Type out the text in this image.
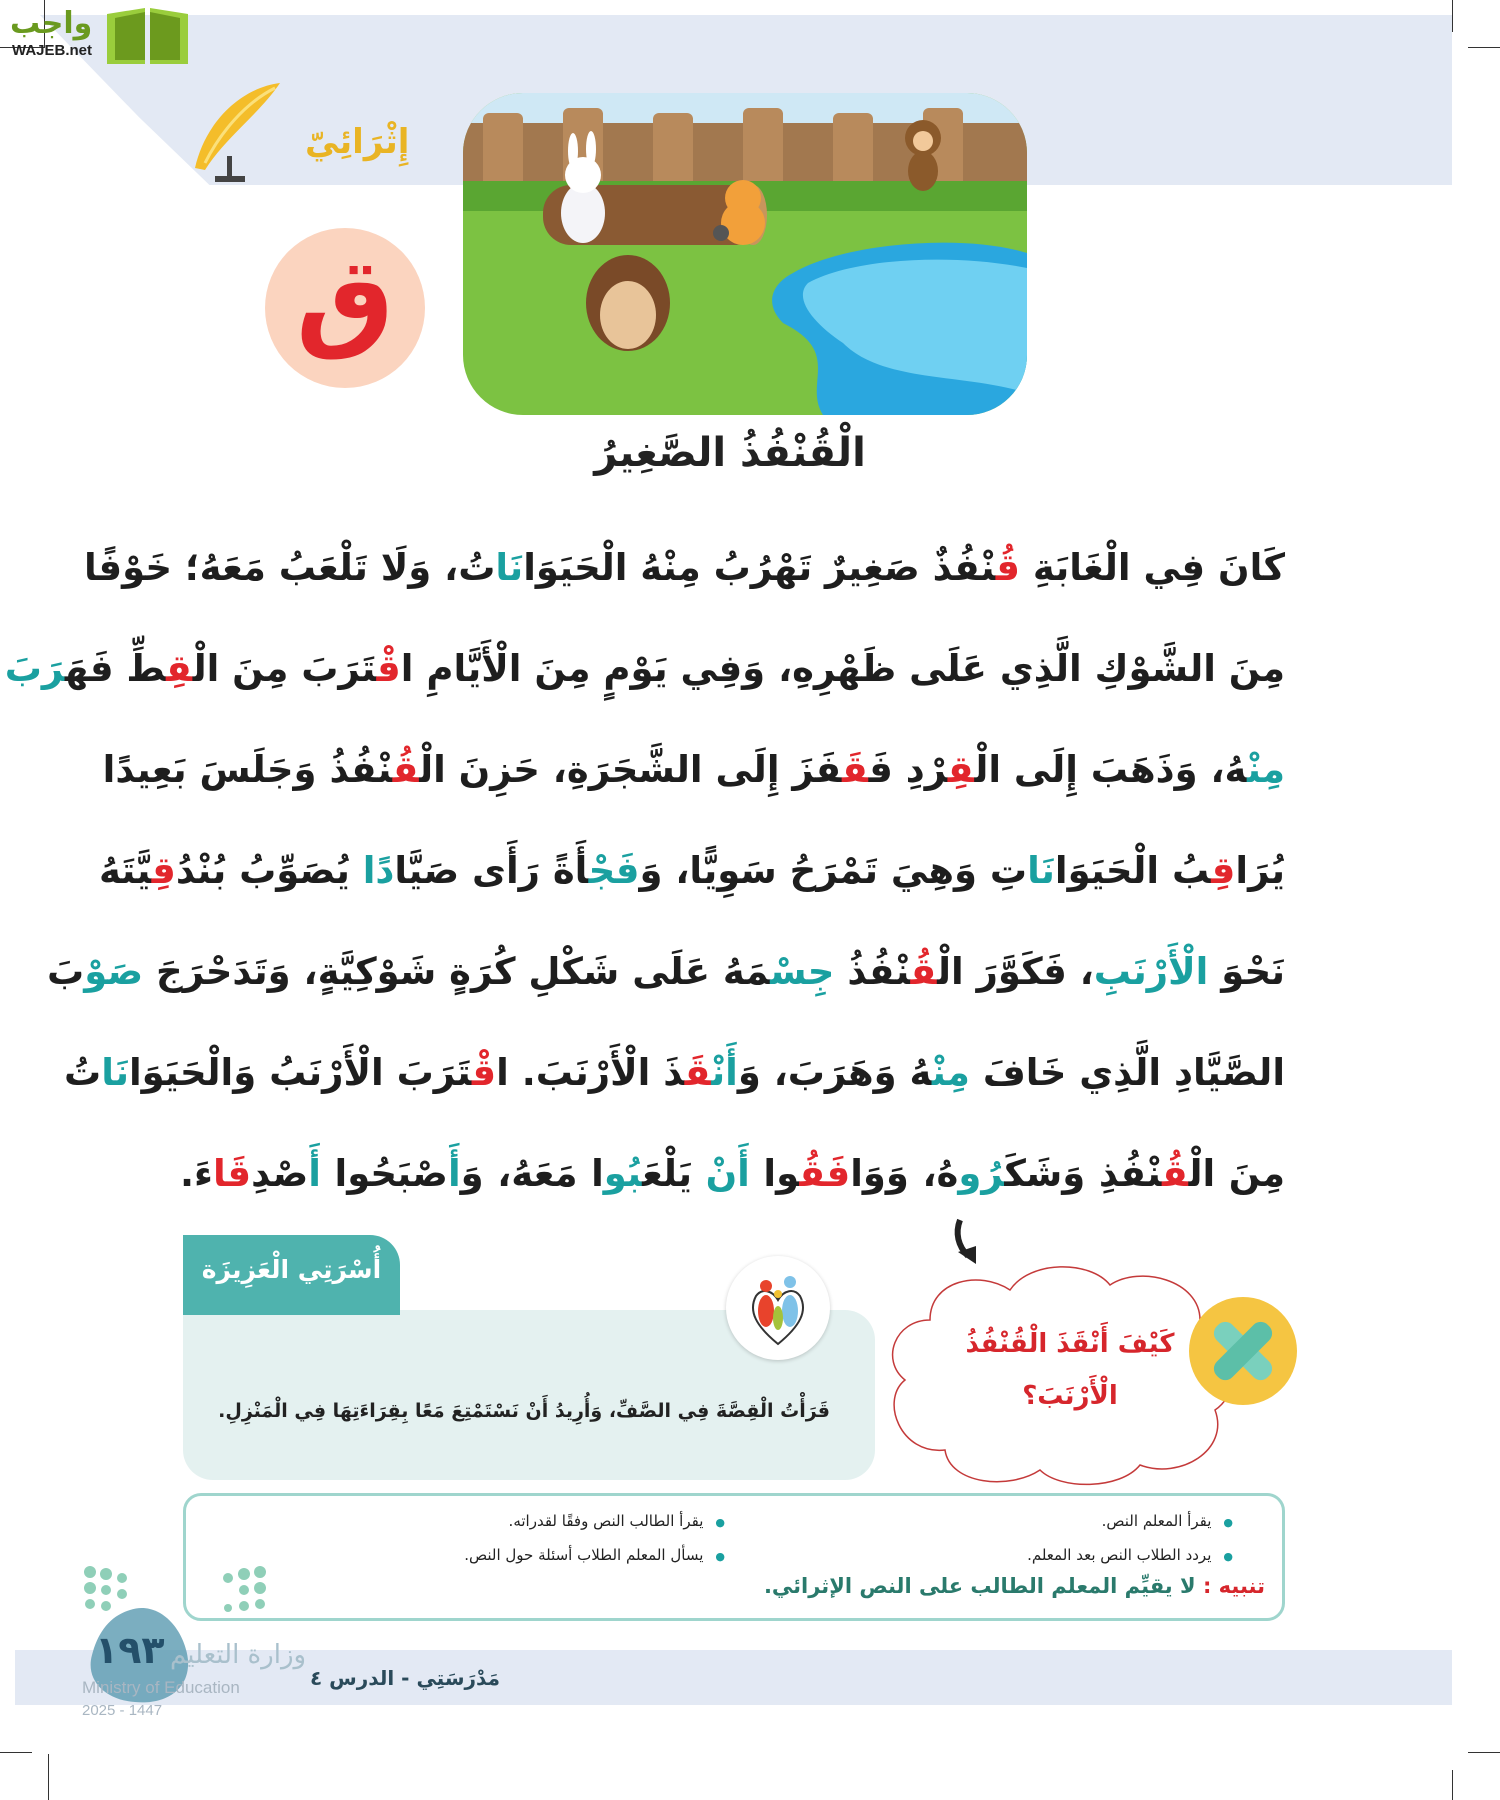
واجب
WAJEB.net
إِثْرَائِيّ
ق
الْقُنْفُذُ الصَّغِيرُ
كَانَ فِي الْغَابَةِ قُنْفُذٌ صَغِيرٌ تَهْرُبُ مِنْهُ الْحَيَوَانَاتُ، وَلَا تَلْعَبُ مَعَهُ؛ خَوْفًا
مِنَ الشَّوْكِ الَّذِي عَلَى ظَهْرِهِ، وَفِي يَوْمٍ مِنَ الْأَيَّامِ اقْتَرَبَ مِنَ الْقِطِّ فَهَرَبَ
مِنْهُ، وَذَهَبَ إِلَى الْقِرْدِ فَقَفَزَ إِلَى الشَّجَرَةِ، حَزِنَ الْقُنْفُذُ وَجَلَسَ بَعِيدًا
يُرَاقِبُ الْحَيَوَانَاتِ وَهِيَ تَمْرَحُ سَوِيًّا، وَفَجْأَةً رَأَى صَيَّادًا يُصَوِّبُ بُنْدُقِيَّتَهُ
نَحْوَ الْأَرْنَبِ، فَكَوَّرَ الْقُنْفُذُ جِسْمَهُ عَلَى شَكْلِ كُرَةٍ شَوْكِيَّةٍ، وَتَدَحْرَجَ صَوْبَ
الصَّيَّادِ الَّذِي خَافَ مِنْهُ وَهَرَبَ، وَأَنْقَذَ الْأَرْنَبَ. اقْتَرَبَ الْأَرْنَبُ وَالْحَيَوَانَاتُ
مِنَ الْقُنْفُذِ وَشَكَرُوهُ، وَوَافَقُوا أَنْ يَلْعَبُوا مَعَهُ، وَأَصْبَحُوا أَصْدِقَاءَ.
أُسْرَتِي الْعَزِيزَة
قَرَأْتُ الْقِصَّةَ فِي الصَّفِّ، وَأُرِيدُ أَنْ نَسْتَمْتِعَ مَعًا بِقِرَاءَتِهَا فِي الْمَنْزِلِ.
كَيْفَ أَنْقَذَ الْقُنْفُذُ
الْأَرْنَبَ؟
● يقرأ المعلم النص.
● يردد الطلاب النص بعد المعلم.
● يقرأ الطالب النص وفقًا لقدراته.
● يسأل المعلم الطلاب أسئلة حول النص.
تنبيه : لا يقيِّم المعلم الطالب على النص الإثرائي.
١٩٣ وزارة التعليم
Ministry of Education
2025 - 1447
مَدْرَسَتِي - الدرس ٤
